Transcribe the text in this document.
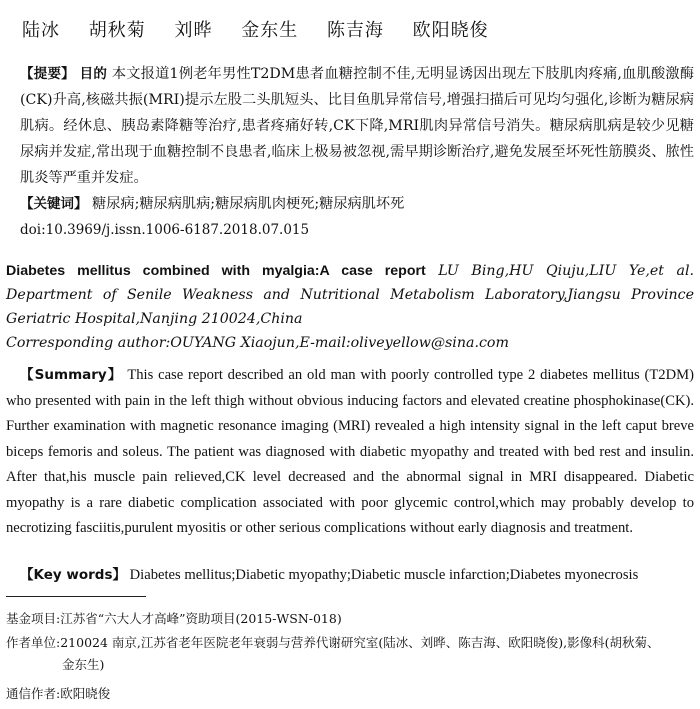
陆冰 胡秋菊 刘晔 金东生 陈吉海 欧阳晓俊
【提要】 目的 本文报道1例老年男性T2DM患者血糖控制不佳,无明显诱因出现左下肢肌肉疼痛,血肌酸激酶(CK)升高,核磁共振(MRI)提示左股二头肌短头、比目鱼肌异常信号,增强扫描后可见均匀强化,诊断为糖尿病肌病。经休息、胰岛素降糖等治疗,患者疼痛好转,CK下降,MRI肌肉异常信号消失。糖尿病肌病是较少见糖尿病并发症,常出现于血糖控制不良患者,临床上极易被忽视,需早期诊断治疗,避免发展至坏死性筋膜炎、脓性肌炎等严重并发症。
【关键词】 糖尿病;糖尿病肌病;糖尿病肌肉梗死;糖尿病肌坏死
doi:10.3969/j.issn.1006-6187.2018.07.015
Diabetes mellitus combined with myalgia:A case report LU Bing,HU Qiuju,LIU Ye,et al. Department of Senile Weakness and Nutritional Metabolism Laboratory,Jiangsu Province Geriatric Hospital,Nanjing 210024,China
Corresponding author:OUYANG Xiaojun,E-mail:oliveyellow@sina.com
【Summary】 This case report described an old man with poorly controlled type 2 diabetes mellitus (T2DM) who presented with pain in the left thigh without obvious inducing factors and elevated creatine phosphokinase(CK). Further examination with magnetic resonance imaging (MRI) revealed a high intensity signal in the left caput breve biceps femoris and soleus. The patient was diagnosed with diabetic myopathy and treated with bed rest and insulin. After that,his muscle pain relieved,CK level decreased and the abnormal signal in MRI disappeared. Diabetic myopathy is a rare diabetic complication associated with poor glycemic control,which may probably develop to necrotizing fasciitis,purulent myositis or other serious complications without early diagnosis and treatment.
【Key words】 Diabetes mellitus;Diabetic myopathy;Diabetic muscle infarction;Diabetes myonecrosis
基金项目:江苏省“六大人才高峰”资助项目(2015-WSN-018)
作者单位:210024 南京,江苏省老年医院老年衰弱与营养代谢研究室(陆冰、刘晔、陈吉海、欧阳晓俊),影像科(胡秋菊、
金东生)
通信作者:欧阳晓俊
